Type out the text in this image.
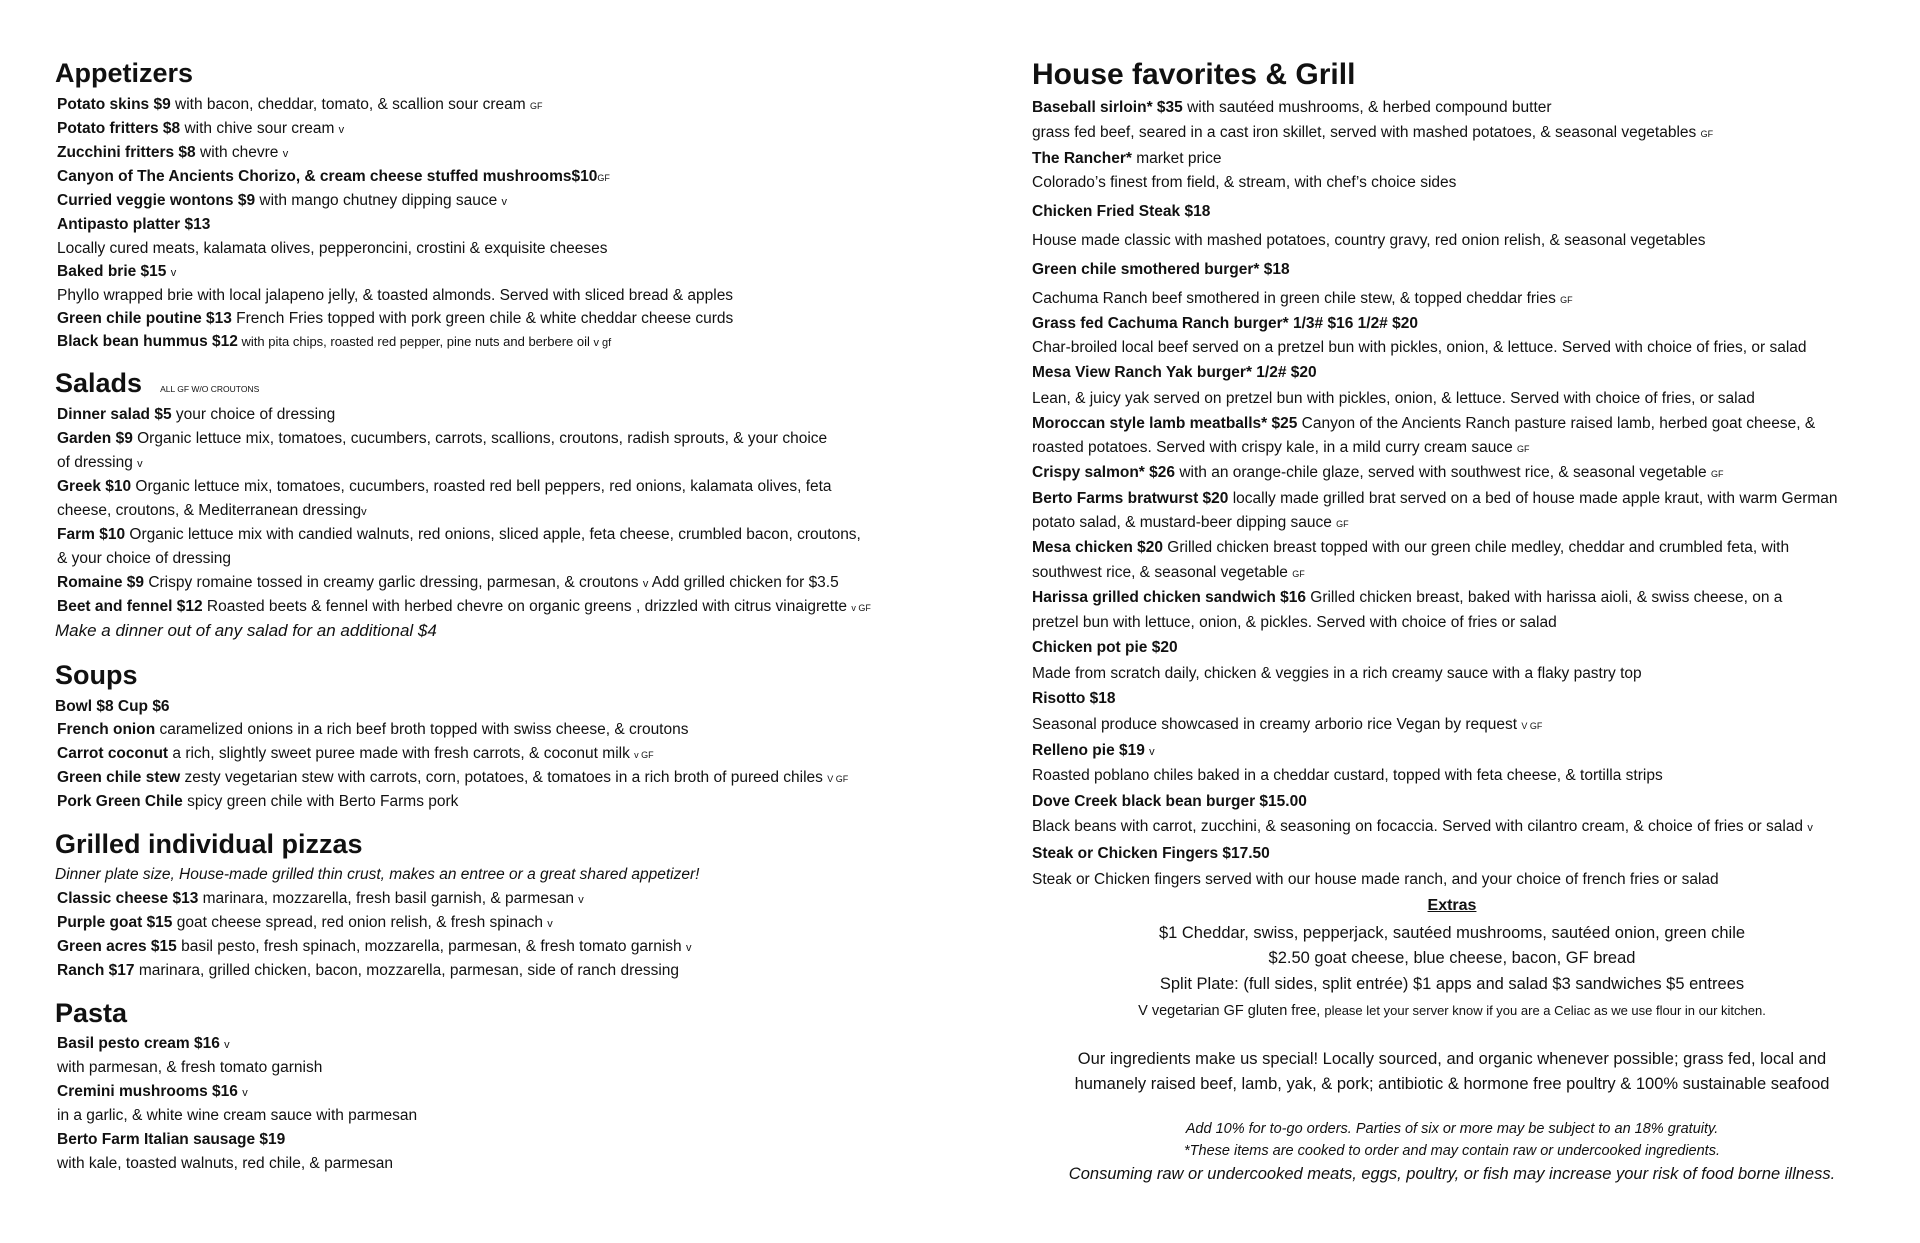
Appetizers
Potato skins $9 with bacon, cheddar, tomato, & scallion sour cream GF
Potato fritters $8 with chive sour cream v
Zucchini fritters $8 with chevre v
Canyon of The Ancients Chorizo, & cream cheese stuffed mushrooms$10GF
Curried veggie wontons $9 with mango chutney dipping sauce v
Antipasto platter $13
Locally cured meats, kalamata olives, pepperoncini, crostini & exquisite cheeses
Baked brie $15 v
Phyllo wrapped brie with local jalapeno jelly, & toasted almonds. Served with sliced bread & apples
Green chile poutine $13 French Fries topped with pork green chile & white cheddar cheese curds
Black bean hummus $12 with pita chips, roasted red pepper, pine nuts and berbere oil v gf
Salads ALL GF W/O CROUTONS
Dinner salad $5 your choice of dressing
Garden $9 Organic lettuce mix, tomatoes, cucumbers, carrots, scallions, croutons, radish sprouts, & your choice
of dressing v
Greek $10 Organic lettuce mix, tomatoes, cucumbers, roasted red bell peppers, red onions, kalamata olives, feta
cheese, croutons, & Mediterranean dressingv
Farm $10 Organic lettuce mix with candied walnuts, red onions, sliced apple, feta cheese, crumbled bacon, croutons,
& your choice of dressing
Romaine $9 Crispy romaine tossed in creamy garlic dressing, parmesan, & croutons v Add grilled chicken for $3.5
Beet and fennel $12 Roasted beets & fennel with herbed chevre on organic greens , drizzled with citrus vinaigrette v GF
Make a dinner out of any salad for an additional $4
Soups
Bowl $8 Cup $6
French onion caramelized onions in a rich beef broth topped with swiss cheese, & croutons
Carrot coconut a rich, slightly sweet puree made with fresh carrots, & coconut milk v GF
Green chile stew zesty vegetarian stew with carrots, corn, potatoes, & tomatoes in a rich broth of pureed chiles V GF
Pork Green Chile spicy green chile with Berto Farms pork
Grilled individual pizzas
Dinner plate size, House-made grilled thin crust, makes an entree or a great shared appetizer!
Classic cheese $13 marinara, mozzarella, fresh basil garnish, & parmesan v
Purple goat $15 goat cheese spread, red onion relish, & fresh spinach v
Green acres $15 basil pesto, fresh spinach, mozzarella, parmesan, & fresh tomato garnish v
Ranch $17 marinara, grilled chicken, bacon, mozzarella, parmesan, side of ranch dressing
Pasta
Basil pesto cream $16 v
with parmesan, & fresh tomato garnish
Cremini mushrooms $16 v
in a garlic, & white wine cream sauce with parmesan
Berto Farm Italian sausage $19
with kale, toasted walnuts, red chile, & parmesan
House favorites & Grill
Baseball sirloin* $35 with sautéed mushrooms, & herbed compound butter
grass fed beef, seared in a cast iron skillet, served with mashed potatoes, & seasonal vegetables GF
The Rancher* market price
Colorado’s finest from field, & stream, with chef’s choice sides
Chicken Fried Steak $18
House made classic with mashed potatoes, country gravy, red onion relish, & seasonal vegetables
Green chile smothered burger* $18
Cachuma Ranch beef smothered in green chile stew, & topped cheddar fries GF
Grass fed Cachuma Ranch burger* 1/3# $16 1/2# $20
Char-broiled local beef served on a pretzel bun with pickles, onion, & lettuce. Served with choice of fries, or salad
Mesa View Ranch Yak burger* 1/2# $20
Lean, & juicy yak served on pretzel bun with pickles, onion, & lettuce. Served with choice of fries, or salad
Moroccan style lamb meatballs* $25 Canyon of the Ancients Ranch pasture raised lamb, herbed goat cheese, &
roasted potatoes. Served with crispy kale, in a mild curry cream sauce GF
Crispy salmon* $26 with an orange-chile glaze, served with southwest rice, & seasonal vegetable GF
Berto Farms bratwurst $20 locally made grilled brat served on a bed of house made apple kraut, with warm German
potato salad, & mustard-beer dipping sauce GF
Mesa chicken $20 Grilled chicken breast topped with our green chile medley, cheddar and crumbled feta, with
southwest rice, & seasonal vegetable GF
Harissa grilled chicken sandwich $16 Grilled chicken breast, baked with harissa aioli, & swiss cheese, on a
pretzel bun with lettuce, onion, & pickles. Served with choice of fries or salad
Chicken pot pie $20
Made from scratch daily, chicken & veggies in a rich creamy sauce with a flaky pastry top
Risotto $18
Seasonal produce showcased in creamy arborio rice Vegan by request V GF
Relleno pie $19 v
Roasted poblano chiles baked in a cheddar custard, topped with feta cheese, & tortilla strips
Dove Creek black bean burger $15.00
Black beans with carrot, zucchini, & seasoning on focaccia. Served with cilantro cream, & choice of fries or salad v
Steak or Chicken Fingers $17.50
Steak or Chicken fingers served with our house made ranch, and your choice of french fries or salad
Extras
$1 Cheddar, swiss, pepperjack, sautéed mushrooms, sautéed onion, green chile
$2.50 goat cheese, blue cheese, bacon, GF bread
Split Plate: (full sides, split entrée) $1 apps and salad $3 sandwiches $5 entrees
V vegetarian GF gluten free, please let your server know if you are a Celiac as we use flour in our kitchen.
Our ingredients make us special! Locally sourced, and organic whenever possible; grass fed, local and
humanely raised beef, lamb, yak, & pork; antibiotic & hormone free poultry & 100% sustainable seafood
Add 10% for to-go orders. Parties of six or more may be subject to an 18% gratuity.
*These items are cooked to order and may contain raw or undercooked ingredients.
Consuming raw or undercooked meats, eggs, poultry, or fish may increase your risk of food borne illness.
